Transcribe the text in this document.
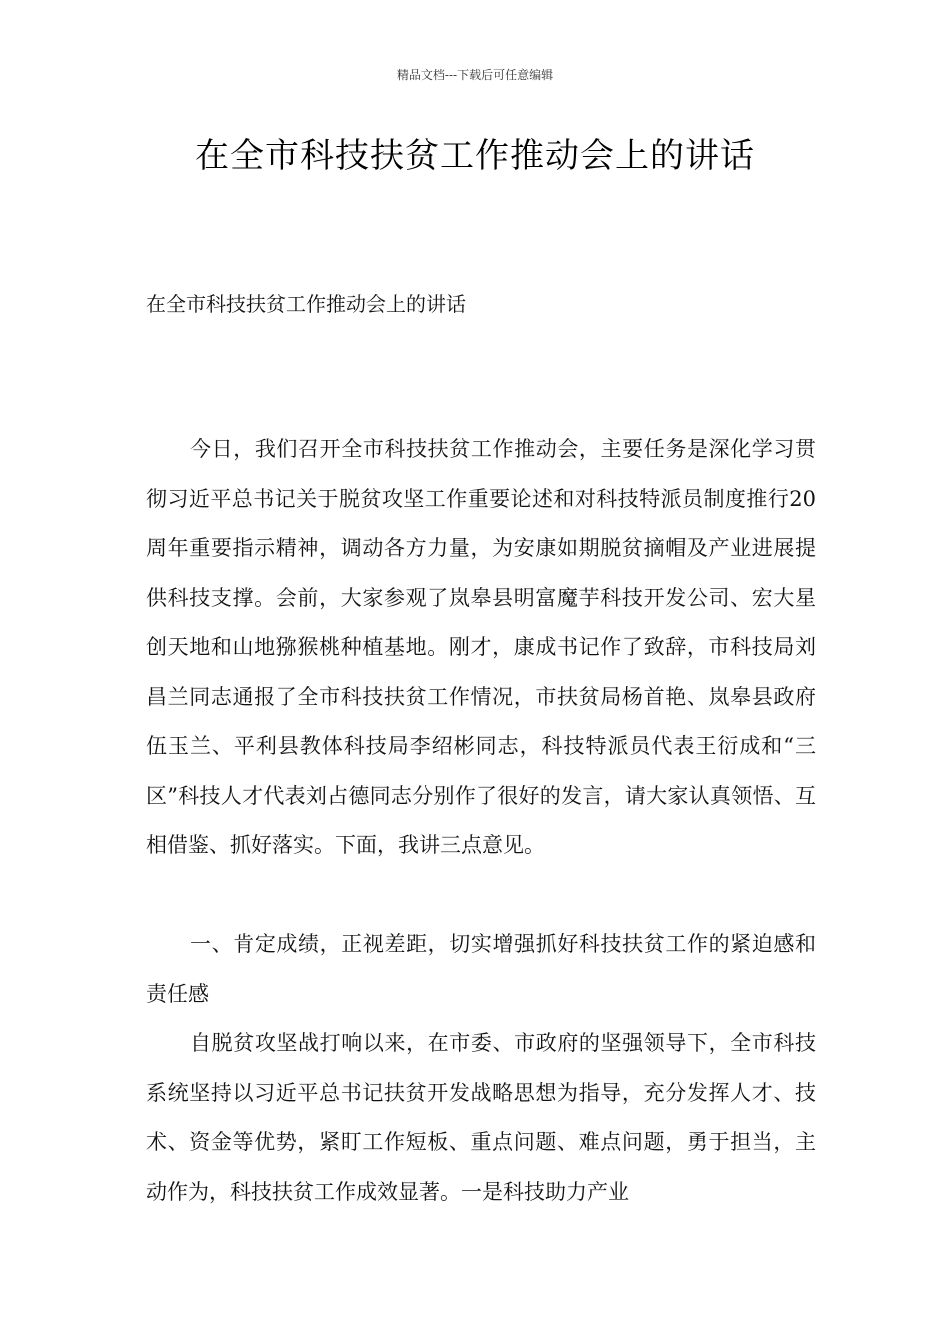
精品文档---下载后可任意编辑
在全市科技扶贫工作推动会上的讲话
在全市科技扶贫工作推动会上的讲话

今日，我们召开全市科技扶贫工作推动会，主要任务是深化学习贯彻习近平总书记关于脱贫攻坚工作重要论述和对科技特派员制度推行20周年重要指示精神，调动各方力量，为安康如期脱贫摘帽及产业进展提供科技支撑。会前，大家参观了岚皋县明富魔芋科技开发公司、宏大星创天地和山地猕猴桃种植基地。刚才，康成书记作了致辞，市科技局刘昌兰同志通报了全市科技扶贫工作情况，市扶贫局杨首艳、岚皋县政府伍玉兰、平利县教体科技局李绍彬同志，科技特派员代表王衍成和“三区”科技人才代表刘占德同志分别作了很好的发言，请大家认真领悟、互相借鉴、抓好落实。下面，我讲三点意见。

一、肯定成绩，正视差距，切实增强抓好科技扶贫工作的紧迫感和责任感

自脱贫攻坚战打响以来，在市委、市政府的坚强领导下，全市科技系统坚持以习近平总书记扶贫开发战略思想为指导，充分发挥人才、技术、资金等优势，紧盯工作短板、重点问题、难点问题，勇于担当，主动作为，科技扶贫工作成效显著。一是科技助力产业
